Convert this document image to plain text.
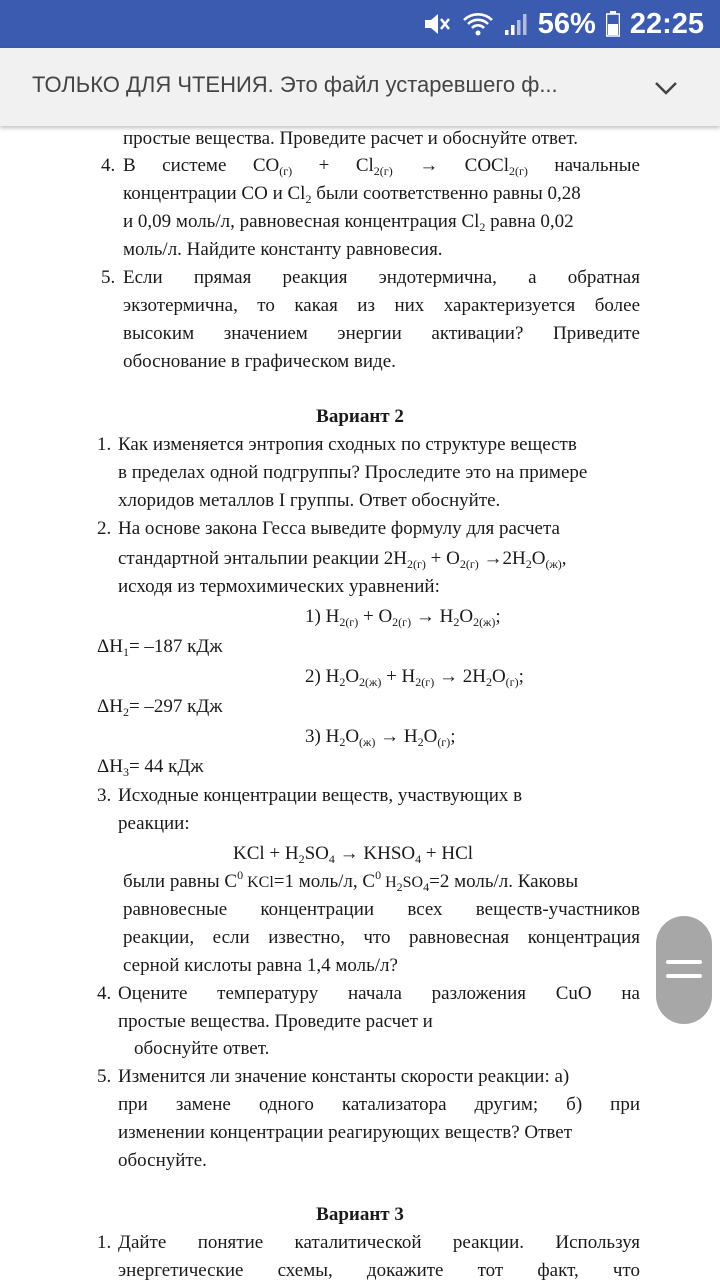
56% 22:25
ТОЛЬКО ДЛЯ ЧТЕНИЯ. Это файл устаревшего ф...
простые вещества. Проведите расчет и обоснуйте ответ.
4. В системе $CO_{(г)} + Cl_{2(г)}$ → COCl$_{2(г)}$ начальные
концентрации CO и $Cl_2$ были соответственно равны 0,28
и 0,09 моль/л, равновесная концентрация $Cl_2$ равна 0,02
моль/л. Найдите константу равновесия.
5. Если прямая реакция эндотермична, а обратная
экзотермична, то какая из них характеризуется более
высоким значением энергии активации? Приведите
обоснование в графическом виде.
Вариант 2
1. Как изменяется энтропия сходных по структуре веществ
в пределах одной подгруппы? Проследите это на примере
хлоридов металлов I группы. Ответ обоснуйте.
2. На основе закона Гесса выведите формулу для расчета
стандартной энтальпии реакции $2H_{2(г)} + O_{2(г)} \to 2H_2O_{(ж)}$,
исходя из термохимических уравнений:
1) $H_{2(г)} + O_{2(г)} \to H_2O_{2(ж)}$;
$\Delta H_1= -187$ кДж
2) $H_2O_{2(ж)} + H_{2(г)} \to 2H_2O_{(г)}$;
$\Delta H_2= -297$ кДж
3) $H_2O_{(ж)} \to H_2O_{(г)}$;
$\Delta H_3= 44$ кДж
3. Исходные концентрации веществ, участвующих в
реакции:
KCl + $H_2SO_4$ → $KHSO_4$ + HCl
были равны $C^0$ KCl=1 моль/л, $C^0$ $H_2SO_4=2$ моль/л. Каковы
равновесные концентрации всех веществ-участников
реакции, если известно, что равновесная концентрация
серной кислоты равна 1,4 моль/л?
4. Оцените температуру начала разложения CuO на
простые вещества. Проведите расчет и
обоснуйте ответ.
5. Изменится ли значение константы скорости реакции: а)
при замене одного катализатора другим; б) при
изменении концентрации реагирующих веществ? Ответ
обоснуйте.
Вариант 3
1. Дайте понятие каталитической реакции. Используя
энергетические схемы, докажите тот факт, что
